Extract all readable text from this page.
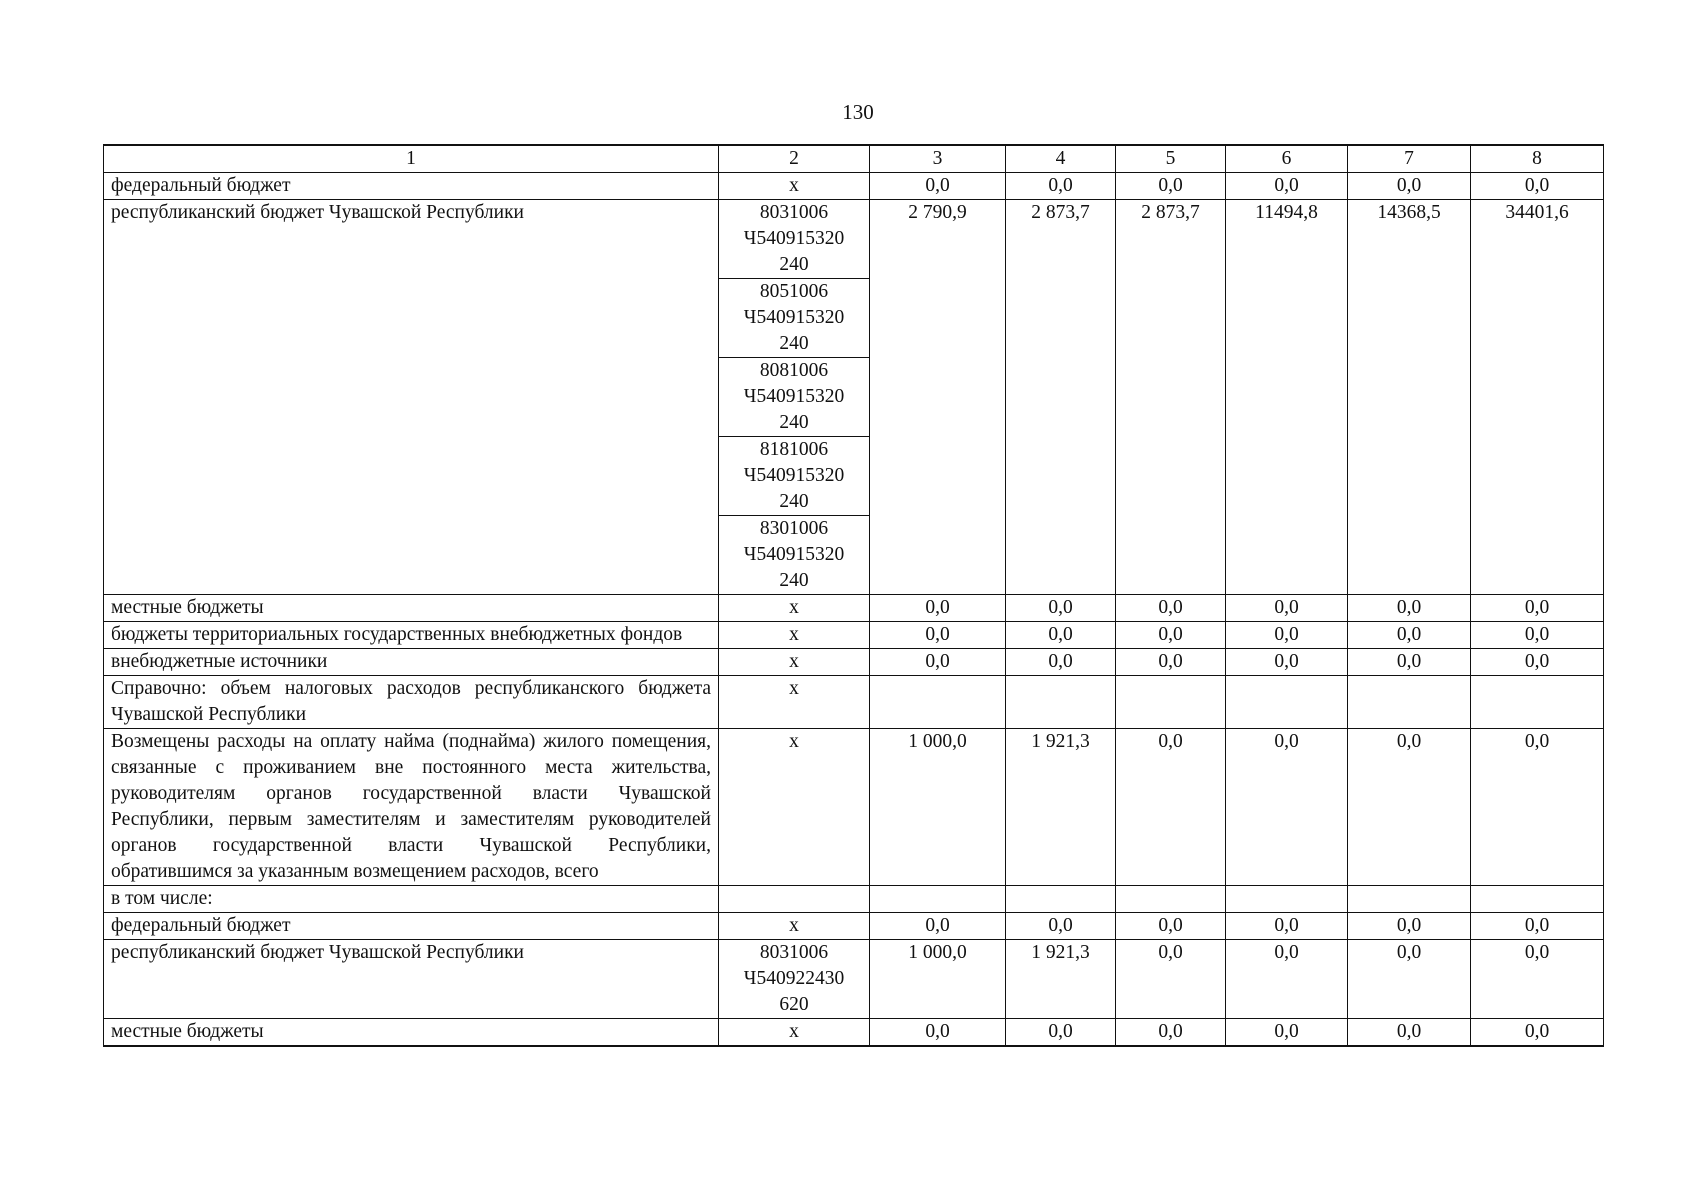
130
1	2	3	4	5	6	7	8
федеральный бюджет	х	0,0	0,0	0,0	0,0	0,0	0,0
республиканский бюджет Чувашской Республики	8031006
Ч540915320
240	2 790,9	2 873,7	2 873,7	11494,8	14368,5	34401,6

	8051006
Ч540915320
240						

	8081006
Ч540915320
240						

	8181006
Ч540915320
240						

	8301006
Ч540915320
240						

местные бюджеты	х	0,0	0,0	0,0	0,0	0,0	0,0
бюджеты территориальных государственных внебюджетных фондов	х	0,0	0,0	0,0	0,0	0,0	0,0
внебюджетные источники	х	0,0	0,0	0,0	0,0	0,0	0,0
Справочно: объем налоговых расходов республиканского бюджета Чувашской Республики	х						
Возмещены расходы на оплату найма (поднайма) жилого помещения, связанные с проживанием вне постоянного места жительства, руководителям органов государственной власти Чувашской Республики, первым заместителям и заместителям руководителей органов государственной власти Чувашской Республики, обратившимся за указанным возмещением расходов, всего	х	1 000,0	1 921,3	0,0	0,0	0,0	0,0
в том числе:							
федеральный бюджет	х	0,0	0,0	0,0	0,0	0,0	0,0
республиканский бюджет Чувашской Республики	8031006
Ч540922430
620	1 000,0	1 921,3	0,0	0,0	0,0	0,0
местные бюджеты	х	0,0	0,0	0,0	0,0	0,0	0,0
